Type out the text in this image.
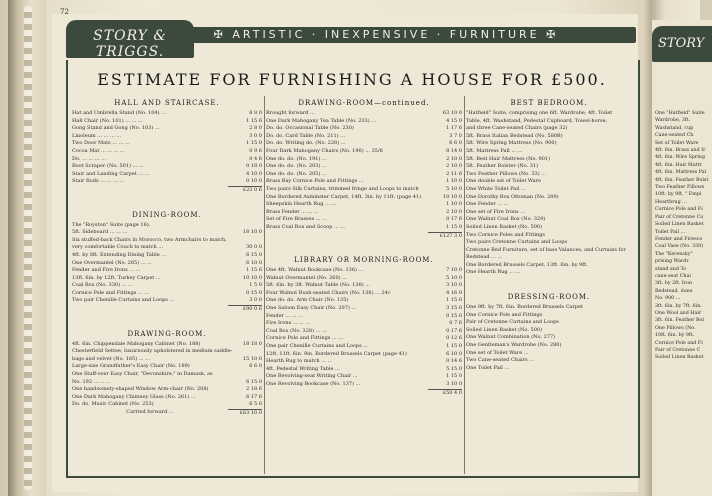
72
✠ ARTISTIC · INEXPENSIVE · FURNITURE ✠
STORY & TRIGGS.
ESTIMATE FOR FURNISHING A HOUSE FOR £500.
HALL AND STAIRCASE.
Hat and Umbrella Stand (No. 104) ...	8 8 0
Hall Chair (No. 101) ... ... ...	1 15 6
Gong Stand and Gong (No. 103) ...	2 8 0
Linoleum ... ... ... ...	3 0 0
Two Door Mats ... ... ...	1 15 0
Cocoa Mat ... ... ... ...	0 9 6
Do. ... ... ... ...	0 4 6
Boot Scraper (No. 501) ... ...	0 18 0
Stair and Landing Carpet ... ...	4 10 0
Stair Rods ... ... ... ...	0 10 0
£23 0 6
DINING-ROOM.
The "Royston" Suite (page 16).
5ft. Sideboard ... ... ...	18 10 0
Six stuffed-back Chairs in Morocco, two Armchairs to match,
very comfortable Couch to match ...	30 0 0
4ft. by 8ft. Extending Dining Table ...	6 15 0
One Overmantel (No. 265) ... ...	6 10 0
Fender and Fire Irons ... ...	1 15 6
13ft. 6in. by 12ft. Turkey Carpet ...	10 10 0
Coal Box (No. 330) ... ...	1 5 0
Cornice Pole and Fittings ... ...	0 15 0
Two pair Chenille Curtains and Loops ...	3 0 0
£90 0 6
DRAWING-ROOM.
4ft. 6in. Chippendale Mahogany Cabinet (No. 188)	18 18 0
Chesterfield Settee, luxuriously upholstered in medium saddle-
bags and velvet (No. 185) ... ...	15 10 0
Large-size Grandfather's Easy Chair (No. 189)	6 6 0
One Stuff-over Easy Chair, "Devonshire," in Damask, as
No. 192 ... ... ...	6 15 0
One handsomely-shaped Window Arm-chair (No. 208)	2 18 6
One Dark Mahogany Chimney Glass (No. 261) ...	6 17 6
Do. do. Music Cabinet (No. 253)	6 5 0
Carried forward ...	£63 10 0
DRAWING-ROOM—continued.
Brought forward ...	63 10 0
One Dark Mahogany Tea Table (No. 233) ...	4 15 0
Do. do. Occasional Table (No. 230)	1 17 6
Do. do. Card Table (No. 211) ...	3 7 0
Do. do. Writing do. (No. 228) ...	6 6 0
Four Dark Mahogany Chairs (No. 190) ... 35/6	8 14 0
One do. do. (No. 191) ...	2 10 0
One do. do. (No. 203) ...	2 10 0
One do. do. (No. 205) ...	2 11 6
Brass Bay Cornice Pole and Fittings ...	1 10 0
Two pairs Silk Curtains, trimmed fringe and Loops to match	5 10 0
One Bordered Axminster Carpet, 14ft. 3in. by 11ft. (page 41)	10 10 0
Sheepskin Hearth Rug ... ...	1 10 0
Brass Fender ... ... ...	2 10 0
Set of Fire Brasses ... ...	0 17 6
Brass Coal Box and Scoop ... ...	1 15 0
£127 3 0
LIBRARY OR MORNING-ROOM.
One 4ft. Walnut Bookcase (No. 136) ...	7 10 0
Walnut Overmantel (No. 260) ...	5 10 0
5ft. 6in. by 3ft. Walnut Table (No. 138) ...	3 10 0
Four Walnut Rush-seated Chairs (No. 136) ... 24/-	4 16 0
One do. do. Arm Chair (No. 135)	1 15 0
One Saloon Easy Chair (No. 207) ...	3 15 0
Fender ... ... ...	0 15 0
Fire Irons ... ... ...	0 7 6
Coal Box (No. 328) ... ...	0 17 6
Cornice Pole and Fittings ... ...	0 12 6
One pair Chenille Curtains and Loops ...	1 15 0
12ft. 11ft. 6in. 9in. Bordered Brussels Carpet (page 41)	6 10 0
Hearth Rug to match ... ...	0 14 6
4ft. Pedestal Writing Table ...	5 15 0
One Revolving-seat Writing Chair ...	1 15 0
One Revolving Bookcase (No. 137) ...	3 10 0
£50 4 0
BEST BEDROOM.
"Hatfield" Suite, comprising one 6ft. Wardrobe, 4ft. Toilet
Table, 4ft. Washstand, Pedestal Cupboard, Towel-horse,
and three Cane-seated Chairs (page 32)
5ft. Brass Italian Bedstead (No. 580B)
5ft. Wire Spring Mattress (No. 900)
5ft. Mattress Pall ... ...
5ft. Best Hair Mattress (No. 901)
5ft. Feather Bolster (No. 31)
Two Feather Pillows (No. 33) ...
One double set of Toilet Ware
One White Toilet Pail ...
One Dorothy Box Ottoman (No. 289)
One Fender ... ...
One set of Fire Irons ...
One Walnut Coal Box (No. 329)
Soiled Linen Basket (No. 500)
Two Cornice Poles and Fittings
Two pairs Cretonne Curtains and Loops
Cretonne Bed Furniture, set of bass Valances, and Curtains for
Bedstead ... ...
One Bordered Brussels Carpet, 13ft. 6in. by 9ft.
One Hearth Rug ... ...
DRESSING-ROOM.
One 9ft. by 7ft. 6in. Bordered Brussels Carpet
One Cornice Pole and Fittings
Pair of Cretonne Curtains and Loops
Soiled Linen Basket (No. 500)
One Walnut Combination (No. 277)
One Gentleman's Wardrobe (No. 280)
One set of Toilet Ware ...
Two Cane-seated Chairs ...
One Toilet Pail ...
STORY
One "Hatfield" Suite
Wardrobe, 3ft.
Washstand, cup
Cane-seated Ch
Set of Toilet Ware
4ft. 6in. Brass and Ir
4ft. 6in. Wire Spring
4ft. 6in. Hair Mattr
4ft. 6in. Mattress Pal
4ft. 6in. Feather Bolst
Two Feather Pillows
10ft. by 9ft. " Empi
Hearthrug ...
Cornice Pole and Fi
Pair of Cretonne Cu
Soiled Linen Basket
Toilet Pail ...
Fender and Firesco
Coal Vase (No. 330)
The "Kerensky"
prising Wardr
stand and To
cane-seat Chai
3ft. by 2ft. Iron
Bedstead, done
No. 900 ...
3ft. 6in. by 7ft. 6in.
One Wool and Hair
3ft. 6in. Feather Bol
One Pillows (No.
10ft. 6in. by 9ft.
Cornice Pole and Fi
Pair of Cretonne C
Soiled Linen Basket
